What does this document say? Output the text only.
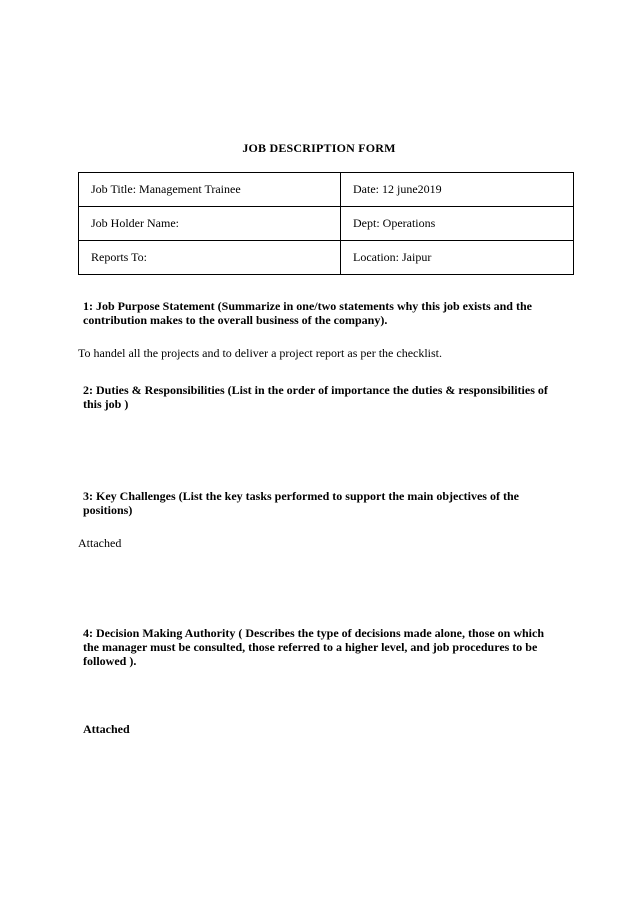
JOB DESCRIPTION FORM
Job Title: Management Trainee	Date: 12 june2019
Job Holder Name:	Dept: Operations
Reports To:	Location: Jaipur
1: Job Purpose Statement (Summarize in one/two statements why this job exists and the contribution makes to the overall business of the company).
To handel all the projects and to deliver a project report as per the checklist.
2: Duties & Responsibilities (List in the order of importance the duties & responsibilities of this job )
3: Key Challenges (List the key tasks performed to support the main objectives of the positions)
Attached
4: Decision Making Authority ( Describes the type of decisions made alone, those on which the manager must be consulted, those referred to a higher level, and job procedures to be followed ).
Attached
